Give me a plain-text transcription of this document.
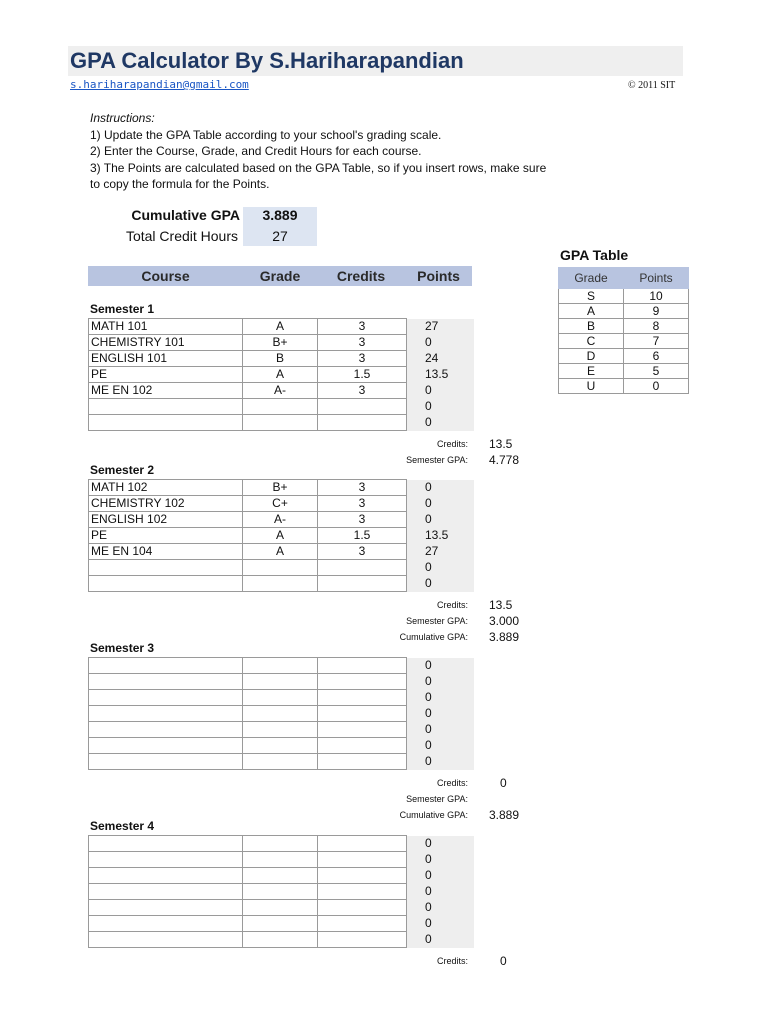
GPA Calculator By S.Hariharapandian
s.hariharapandian@gmail.com	© 2011 SIT
Instructions:
1) Update the GPA Table according to your school's grading scale.
2) Enter the Course, Grade, and Credit Hours for each course.
3) The Points are calculated based on the GPA Table, so if you insert rows, make sure
to copy the formula for the Points.
Cumulative GPA	3.889
Total Credit Hours	27
Course	Grade	Credits	Points
Semester 1
MATH 101	A	3	27
CHEMISTRY 101	B+	3	0
ENGLISH 101	B	3	24
PE	A	1.5	13.5
ME EN 102	A-	3	0
			0
			0
Credits: 13.5
Semester GPA: 4.778
Semester 2
MATH 102	B+	3	0
CHEMISTRY 102	C+	3	0
ENGLISH 102	A-	3	0
PE	A	1.5	13.5
ME EN 104	A	3	27
			0
			0
Credits: 13.5
Semester GPA: 3.000
Cumulative GPA: 3.889
Semester 3
			0
			0
			0
			0
			0
			0
			0
Credits:	0
Semester GPA:
Cumulative GPA: 3.889
Semester 4
			0
			0
			0
			0
			0
			0
			0
Credits:	0
GPA Table
Grade	Points
S	10
A	9
B	8
C	7
D	6
E	5
U	0
